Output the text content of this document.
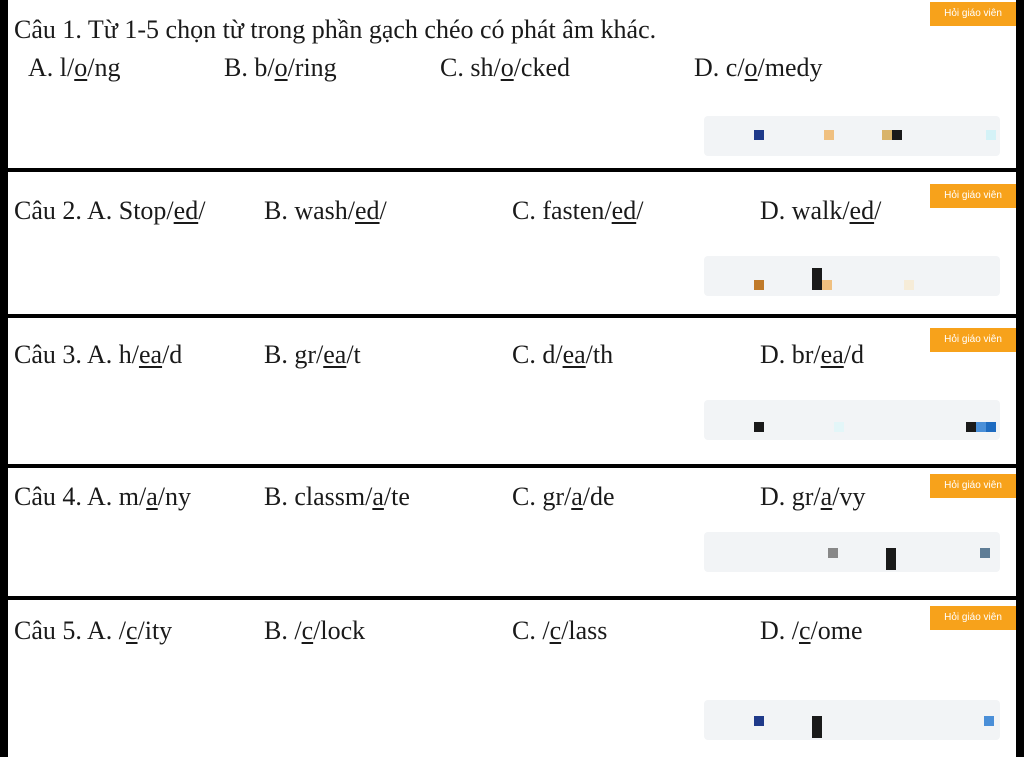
Câu 1. Từ 1-5 chọn từ trong phần gạch chéo có phát âm khác.
Hỏi giáo viên
A. l/o/ng	B. b/o/ring	C. sh/o/cked	D. c/o/medy
Hỏi giáo viên
Câu 2. A. Stop/ed/ B. wash/ed/	C. fasten/ed/	D. walk/ed/
Hỏi giáo viên
Câu 3. A. h/ea/d	B. gr/ea/t	C. d/ea/th	D. br/ea/d
Hỏi giáo viên
Câu 4. A. m/a/ny	B. classm/a/te	C. gr/a/de	D. gr/a/vy
Hỏi giáo viên
Câu 5. A. /c/ity	B. /c/lock	C. /c/lass	D. /c/ome
